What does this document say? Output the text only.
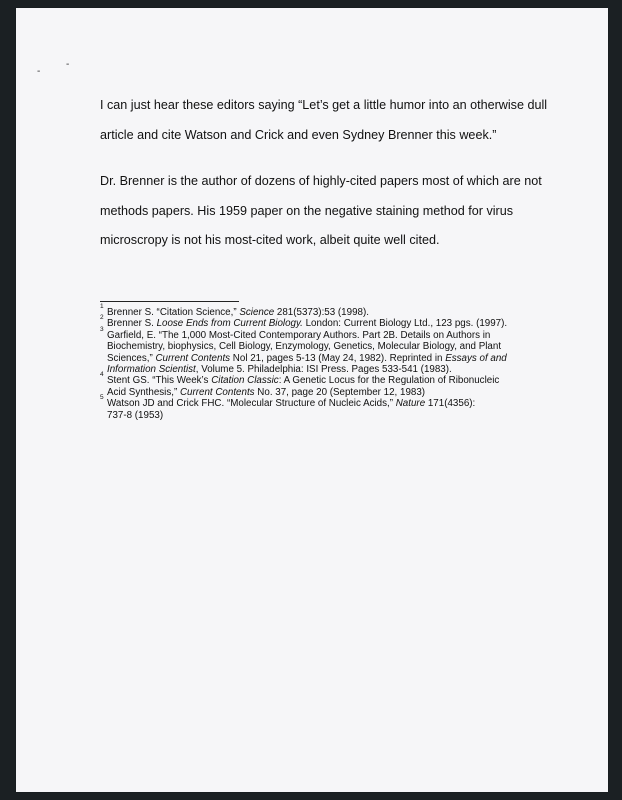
-
-

I can just hear these editors saying “Let’s get a little humor into an otherwise dull
article and cite Watson and Crick and even Sydney Brenner this week.”

Dr. Brenner is the author of dozens of highly-cited papers most of which are not
methods papers. His 1959 paper on the negative staining method for virus
microscropy is not his most-cited work, albeit quite well cited.

1
Brenner S. “Citation Science,” Science 281(5373):53 (1998).

2
Brenner S. Loose Ends from Current Biology. London: Current Biology Ltd., 123 pgs. (1997).

3
Garfield, E. “The 1,000 Most-Cited Contemporary Authors. Part 2B. Details on Authors in
Biochemistry, biophysics, Cell Biology, Enzymology, Genetics, Molecular Biology, and Plant
Sciences,” Current Contents Nol 21, pages 5-13 (May 24, 1982). Reprinted in Essays of and
Information Scientist, Volume 5. Philadelphia: ISI Press. Pages 533-541 (1983).

4
Stent GS. “This Week’s Citation Classic: A Genetic Locus for the Regulation of Ribonucleic
Acid Synthesis,” Current Contents No. 37, page 20 (September 12, 1983)

5
Watson JD and Crick FHC. “Molecular Structure of Nucleic Acids,” Nature 171(4356):
737-8 (1953)
